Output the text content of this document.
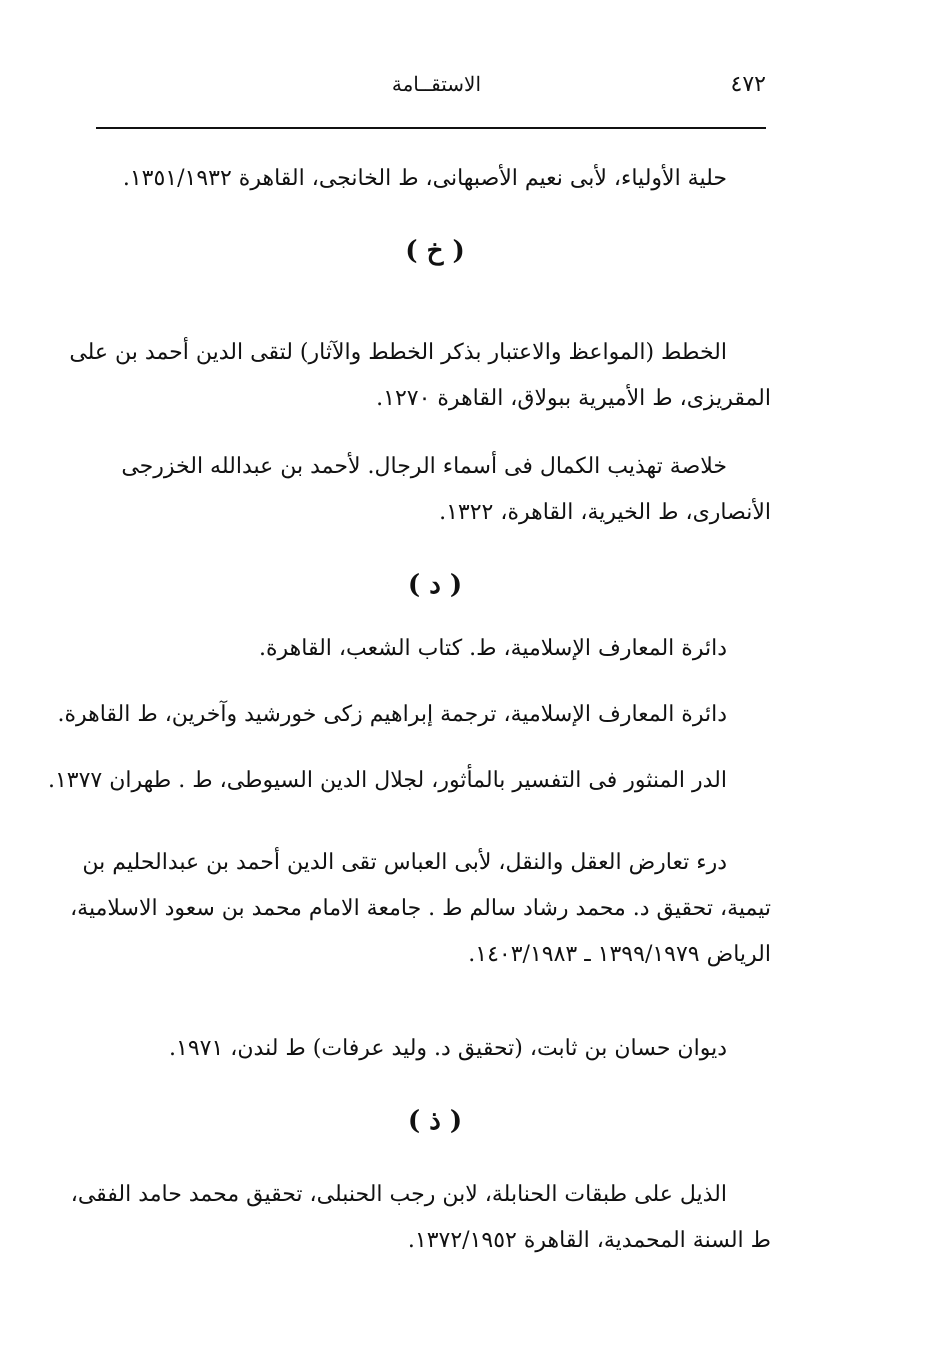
٤٧٢
الاستقــامة
حلية الأولياء، لأبى نعيم الأصبهانى، ط الخانجى، القاهرة ١٣٥١/١٩٣٢.
( خ )
الخطط (المواعظ والاعتبار بذكر الخطط والآثار) لتقى الدين أحمد بن على
المقريزى، ط الأميرية ببولاق، القاهرة ١٢٧٠.
خلاصة تهذيب الكمال فى أسماء الرجال. لأحمد بن عبدالله الخزرجى
الأنصارى، ط الخيرية، القاهرة، ١٣٢٢.
( د )
دائرة المعارف الإسلامية، ط. كتاب الشعب، القاهرة.
دائرة المعارف الإسلامية، ترجمة إبراهيم زكى خورشيد وآخرين، ط القاهرة.
الدر المنثور فى التفسير بالمأثور، لجلال الدين السيوطى، ط . طهران ١٣٧٧.
درء تعارض العقل والنقل، لأبى العباس تقى الدين أحمد بن عبدالحليم بن
تيمية، تحقيق د. محمد رشاد سالم ط . جامعة الامام محمد بن سعود الاسلامية،
الرياض ١٣٩٩/١٩٧٩ ـ ١٤٠٣/١٩٨٣.
ديوان حسان بن ثابت، (تحقيق د. وليد عرفات) ط لندن، ١٩٧١.
( ذ )
الذيل على طبقات الحنابلة، لابن رجب الحنبلى، تحقيق محمد حامد الفقى،
ط السنة المحمدية، القاهرة ١٣٧٢/١٩٥٢.
